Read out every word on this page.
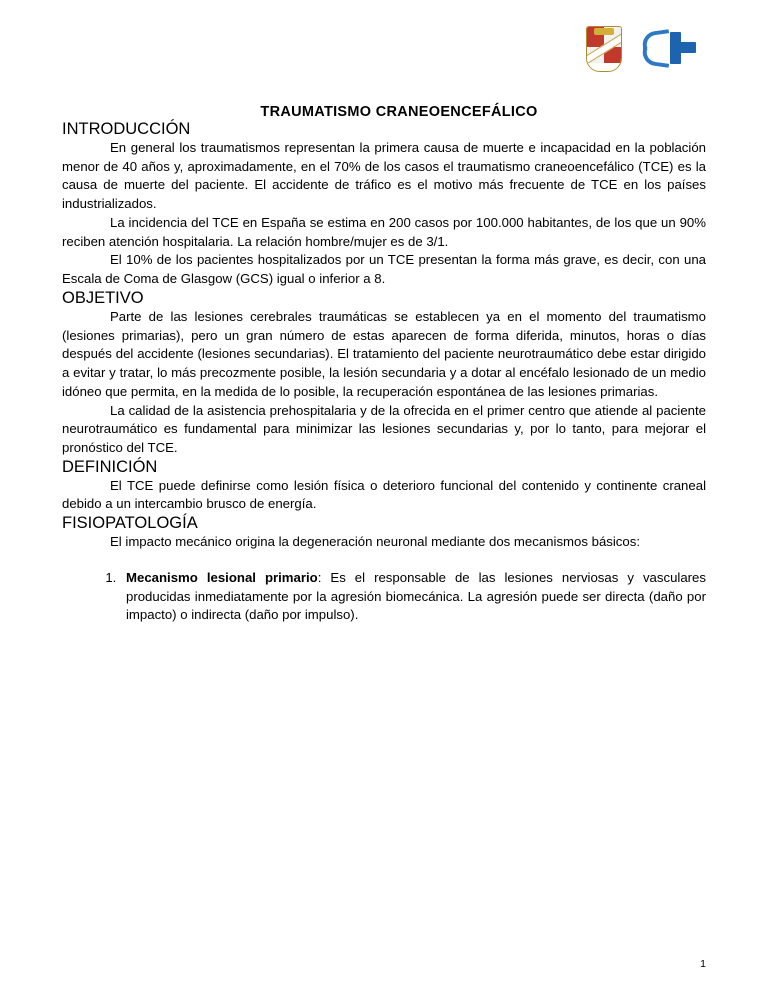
TRAUMATISMO CRANEOENCEFÁLICO
INTRODUCCIÓN

En general los traumatismos representan la primera causa de muerte e incapacidad en la población menor de 40 años y, aproximadamente, en el 70% de los casos el traumatismo craneoencefálico (TCE) es la causa de muerte del paciente. El accidente de tráfico es el motivo más frecuente de TCE en los países industrializados.

La incidencia del TCE en España se estima en 200 casos por 100.000 habitantes, de los que un 90% reciben atención hospitalaria. La relación hombre/mujer es de 3/1.

El 10% de los pacientes hospitalizados por un TCE presentan la forma más grave, es decir, con una Escala de Coma de Glasgow (GCS) igual o inferior a 8.

OBJETIVO

Parte de las lesiones cerebrales traumáticas se establecen ya en el momento del traumatismo (lesiones primarias), pero un gran número de estas aparecen de forma diferida, minutos, horas o días después del accidente (lesiones secundarias). El tratamiento del paciente neurotraumático debe estar dirigido a evitar y tratar, lo más precozmente posible, la lesión secundaria y a dotar al encéfalo lesionado de un medio idóneo que permita, en la medida de lo posible, la recuperación espontánea de las lesiones primarias.

La calidad de la asistencia prehospitalaria y de la ofrecida en el primer centro que atiende al paciente neurotraumático es fundamental para minimizar las lesiones secundarias y, por lo tanto, para mejorar el pronóstico del TCE.

DEFINICIÓN

El TCE puede definirse como lesión física o deterioro funcional del contenido y continente craneal debido a un intercambio brusco de energía.

FISIOPATOLOGÍA

El impacto mecánico origina la degeneración neuronal mediante dos mecanismos básicos:

1. Mecanismo lesional primario: Es el responsable de las lesiones nerviosas y vasculares producidas inmediatamente por la agresión biomecánica. La agresión puede ser directa (daño por impacto) o indirecta (daño por impulso).
1
